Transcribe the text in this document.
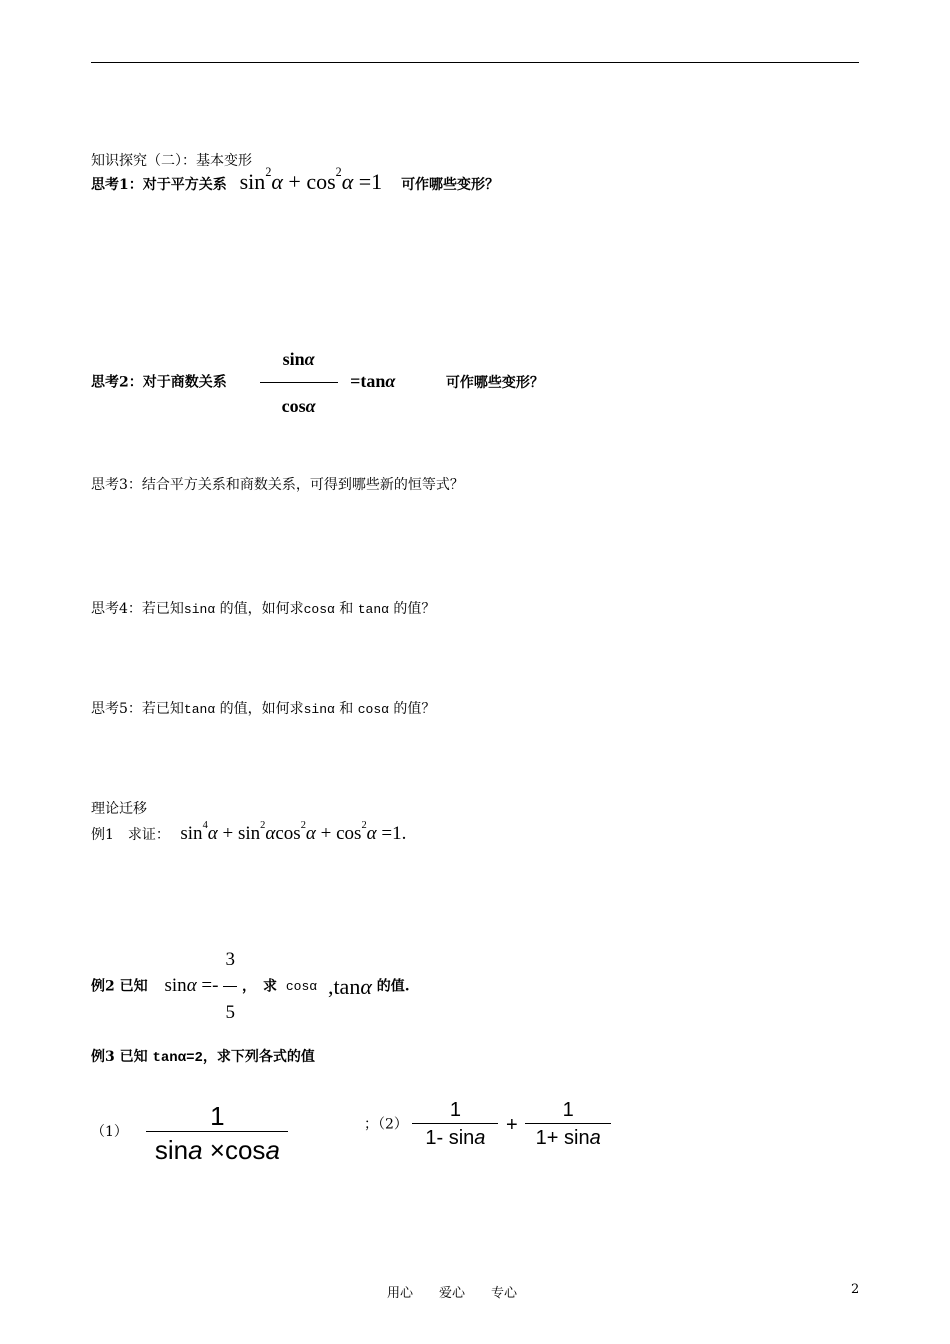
知识探究（二）：基本变形
思考1：对于平方关系 $\sin^2\alpha + \cos^2\alpha =1$ 可作哪些变形？
思考2：对于商数关系 $\frac{\sin\alpha}{\cos\alpha} =\tan\alpha$	可作哪些变形？
思考3：结合平方关系和商数关系，可得到哪些新的恒等式？
思考4：若已知sinα 的值，如何求cosα 和 tanα 的值？
思考5：若已知tanα 的值，如何求sinα 和 cosα 的值？
理论迁移
例1　求证： $\sin^4\alpha + \sin^2\alpha\cos^2\alpha + \cos^2\alpha =1$.
例2 已知 $\sin\alpha =- \frac{3}{5}$ ，　求 cosα ,tanα 的值.
例3 已知 tanα=2，求下列各式的值
$(1) \frac{1}{\sin a \times\cos a}$	；$(2) \frac{1}{1- \sin a} + \frac{1}{1+ \sin a}$
用心　　爱心　　专心	2
